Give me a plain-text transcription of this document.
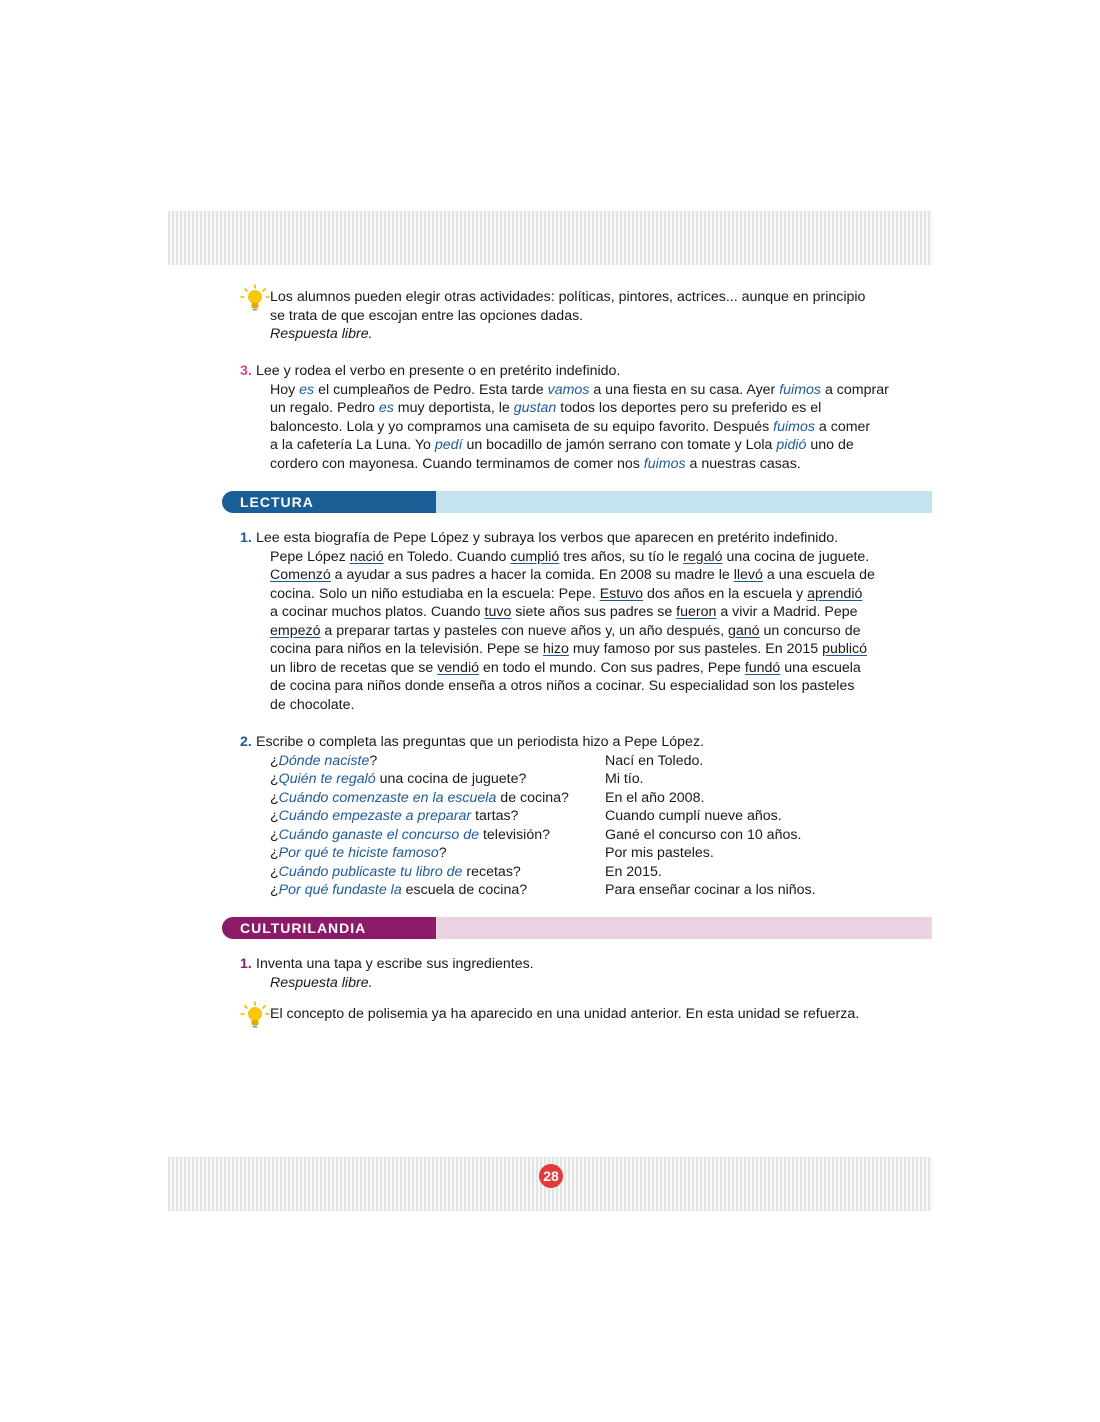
28
Los alumnos pueden elegir otras actividades: políticas, pintores, actrices... aunque en principio
se trata de que escojan entre las opciones dadas.
Respuesta libre.
3. Lee y rodea el verbo en presente o en pretérito indefinido.
Hoy es el cumpleaños de Pedro. Esta tarde vamos a una fiesta en su casa. Ayer fuimos a comprar
un regalo. Pedro es muy deportista, le gustan todos los deportes pero su preferido es el
baloncesto. Lola y yo compramos una camiseta de su equipo favorito. Después fuimos a comer
a la cafetería La Luna. Yo pedí un bocadillo de jamón serrano con tomate y Lola pidió uno de
cordero con mayonesa. Cuando terminamos de comer nos fuimos a nuestras casas.
LECTURA
1. Lee esta biografía de Pepe López y subraya los verbos que aparecen en pretérito indefinido.
Pepe López nació en Toledo. Cuando cumplió tres años, su tío le regaló una cocina de juguete.
Comenzó a ayudar a sus padres a hacer la comida. En 2008 su madre le llevó a una escuela de
cocina. Solo un niño estudiaba en la escuela: Pepe. Estuvo dos años en la escuela y aprendió
a cocinar muchos platos. Cuando tuvo siete años sus padres se fueron a vivir a Madrid. Pepe
empezó a preparar tartas y pasteles con nueve años y, un año después, ganó un concurso de
cocina para niños en la televisión. Pepe se hizo muy famoso por sus pasteles. En 2015 publicó
un libro de recetas que se vendió en todo el mundo. Con sus padres, Pepe fundó una escuela
de cocina para niños donde enseña a otros niños a cocinar. Su especialidad son los pasteles
de chocolate.
2. Escribe o completa las preguntas que un periodista hizo a Pepe López.
¿Dónde naciste?	Nací en Toledo.
¿Quién te regaló una cocina de juguete?	Mi tío.
¿Cuándo comenzaste en la escuela de cocina?	En el año 2008.
¿Cuándo empezaste a preparar tartas?	Cuando cumplí nueve años.
¿Cuándo ganaste el concurso de televisión?	Gané el concurso con 10 años.
¿Por qué te hiciste famoso?	Por mis pasteles.
¿Cuándo publicaste tu libro de recetas?	En 2015.
¿Por qué fundaste la escuela de cocina?	Para enseñar cocinar a los niños.
CULTURILANDIA
1. Inventa una tapa y escribe sus ingredientes.
Respuesta libre.
El concepto de polisemia ya ha aparecido en una unidad anterior. En esta unidad se refuerza.
